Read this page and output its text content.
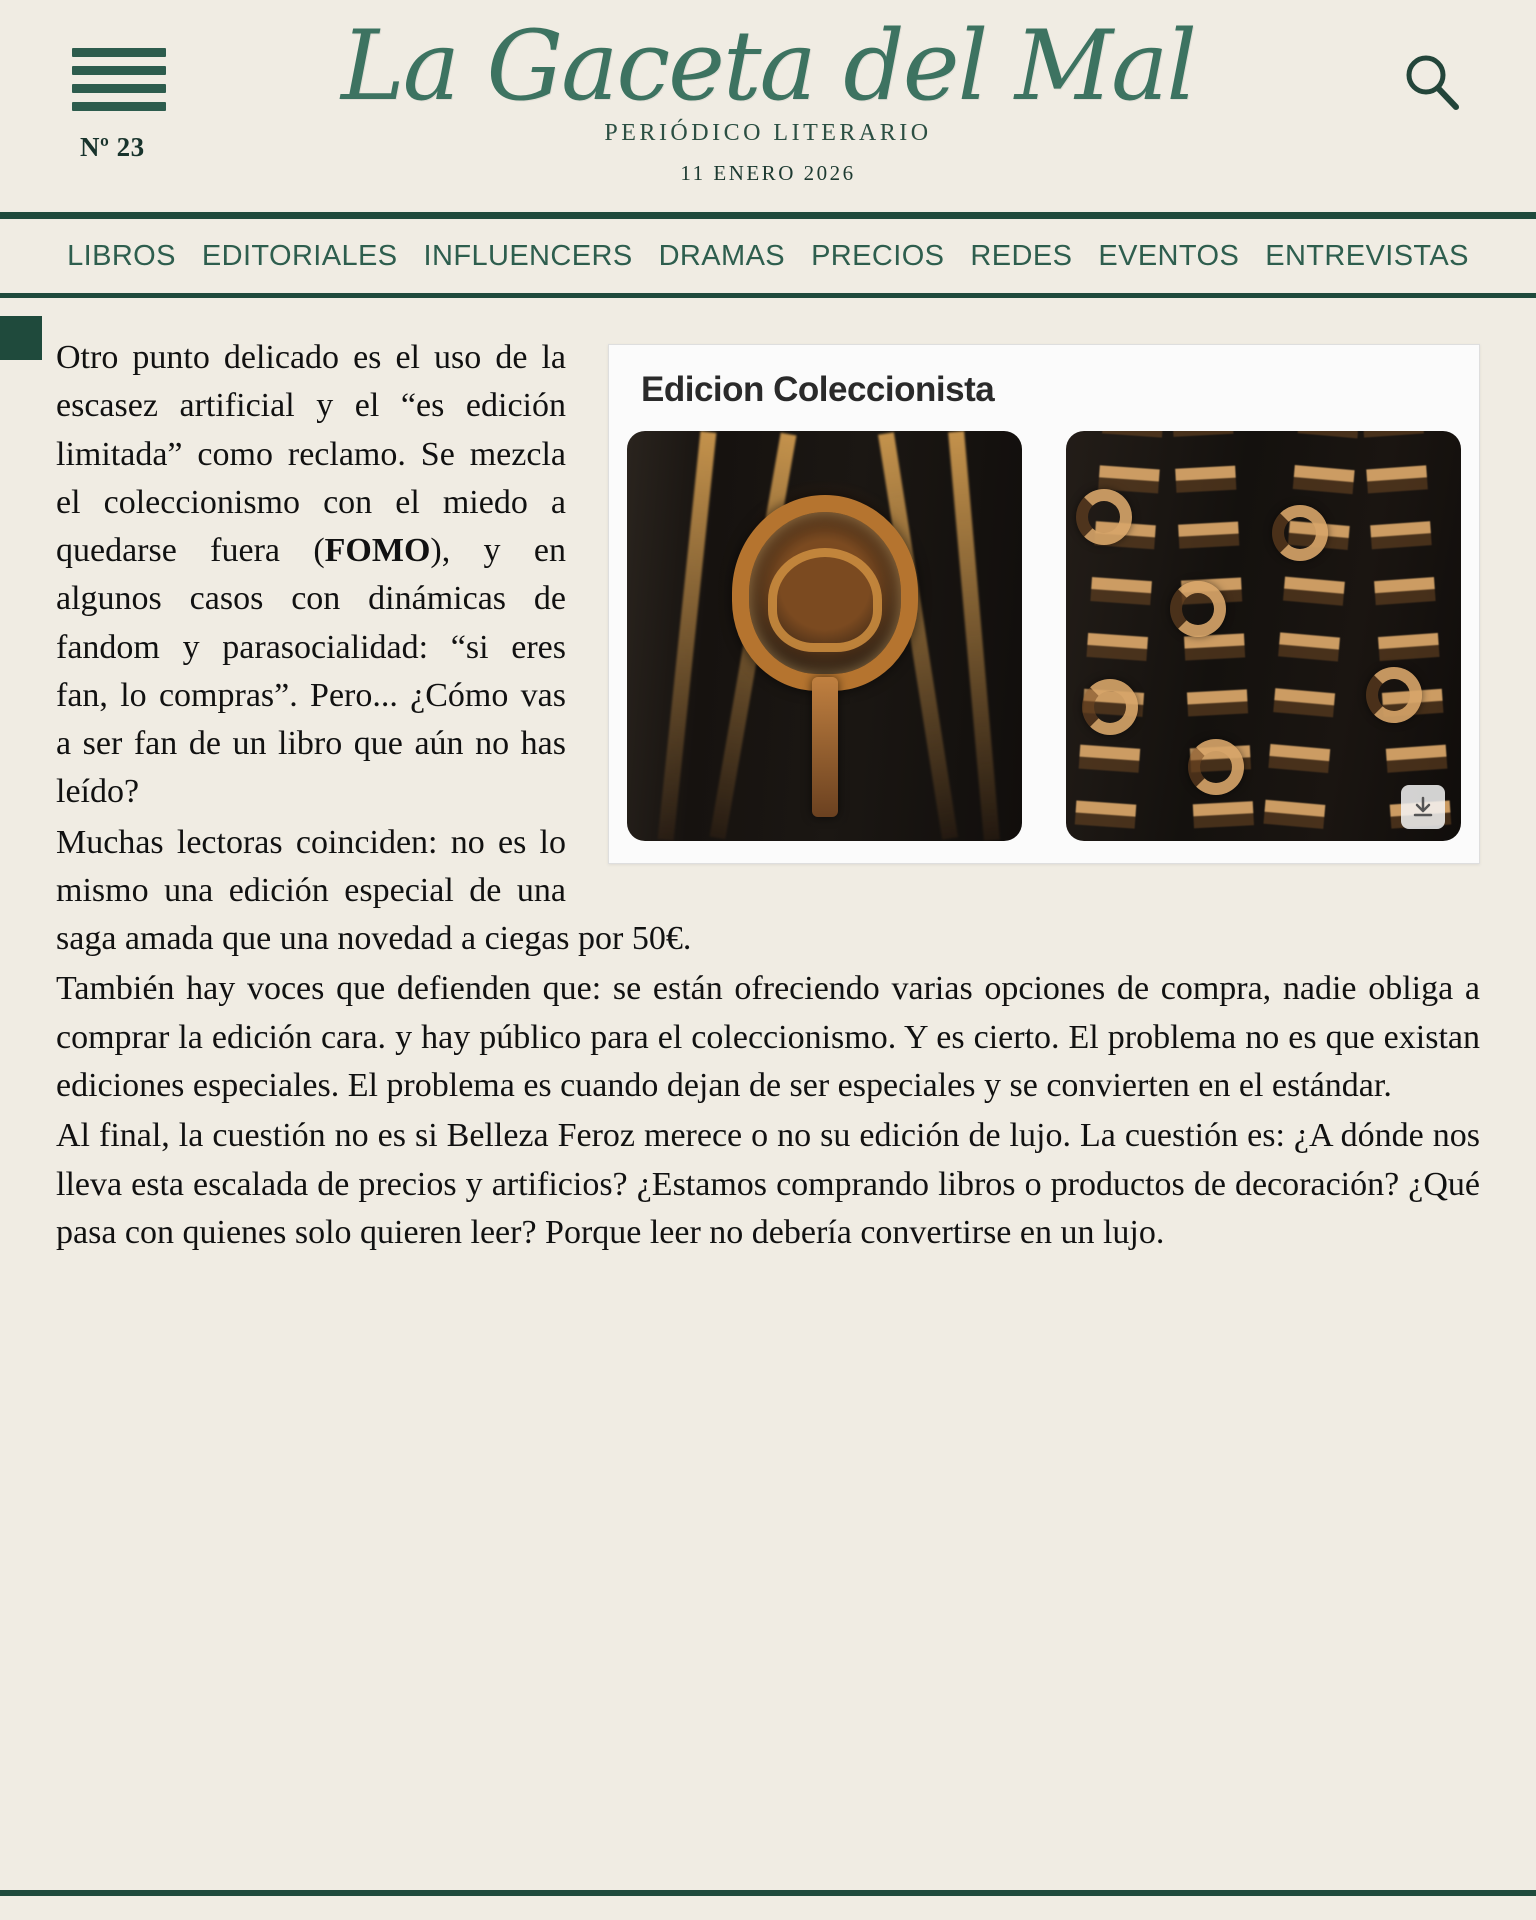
Nº 23
La Gaceta del Mal
PERIÓDICO LITERARIO
11 ENERO 2026
LIBROS EDITORIALES INFLUENCERS DRAMAS PRECIOS REDES EVENTOS ENTREVISTAS
Edicion Coleccionista

Otro punto delicado es el uso de la escasez artificial y el “es edición limitada” como reclamo. Se mezcla el coleccionismo con el miedo a quedarse fuera (FOMO), y en algunos casos con dinámicas de fandom y parasocialidad: “si eres fan, lo compras”. Pero... ¿Cómo vas a ser fan de un libro que aún no has leído?

Muchas lectoras coinciden: no es lo mismo una edición especial de una saga amada que una novedad a ciegas por 50€.

También hay voces que defienden que: se están ofreciendo varias opciones de compra, nadie obliga a comprar la edición cara. y hay público para el coleccionismo. Y es cierto. El problema no es que existan ediciones especiales. El problema es cuando dejan de ser especiales y se convierten en el estándar.

Al final, la cuestión no es si Belleza Feroz merece o no su edición de lujo. La cuestión es: ¿A dónde nos lleva esta escalada de precios y artificios? ¿Estamos comprando libros o productos de decoración? ¿Qué pasa con quienes solo quieren leer? Porque leer no debería convertirse en un lujo.
